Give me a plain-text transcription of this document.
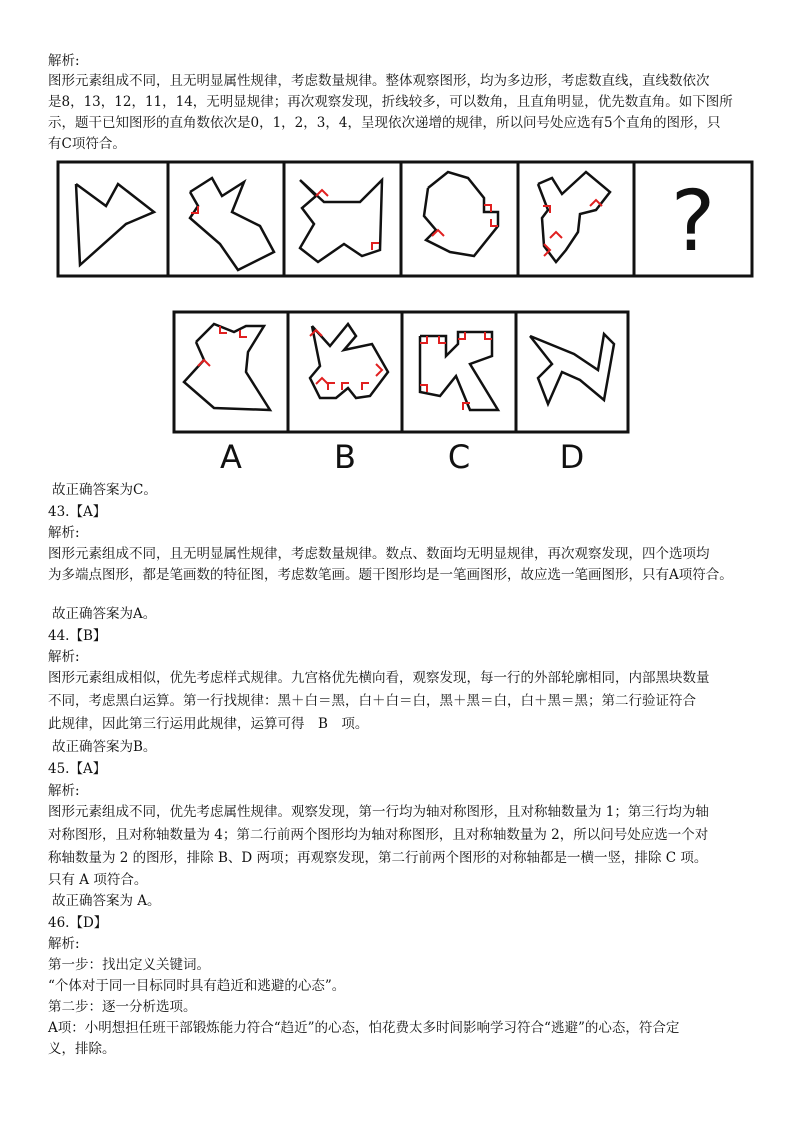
解析:
图形元素组成不同，且无明显属性规律，考虑数量规律。整体观察图形，均为多边形，考虑数直线，直线数依次
是8，13，12，11，14，无明显规律；再次观察发现，折线较多，可以数角，且直角明显，优先数直角。如下图所
示，题干已知图形的直角数依次是0，1，2，3，4，呈现依次递增的规律，所以问号处应选有5个直角的图形，只
有C项符合。
?
A	B	C	D
故正确答案为C。
43.【A】
解析:
图形元素组成不同，且无明显属性规律，考虑数量规律。数点、数面均无明显规律，再次观察发现，四个选项均
为多端点图形，都是笔画数的特征图，考虑数笔画。题干图形均是一笔画图形，故应选一笔画图形，只有A项符合。
故正确答案为A。
44.【B】
解析:
图形元素组成相似，优先考虑样式规律。九宫格优先横向看，观察发现，每一行的外部轮廓相同，内部黑块数量
不同，考虑黑白运算。第一行找规律：黑＋白＝黑，白＋白＝白，黑＋黑＝白，白＋黑＝黑；第二行验证符合
此规律，因此第三行运用此规律，运算可得　B　项。
故正确答案为B。
45.【A】
解析:
图形元素组成不同，优先考虑属性规律。观察发现，第一行均为轴对称图形，且对称轴数量为 1；第三行均为轴
对称图形，且对称轴数量为 4；第二行前两个图形均为轴对称图形，且对称轴数量为 2，所以问号处应选一个对
称轴数量为 2 的图形，排除 B、D 两项；再观察发现，第二行前两个图形的对称轴都是一横一竖，排除 C 项。
只有 A 项符合。
故正确答案为 A。
46.【D】
解析:
第一步：找出定义关键词。
“个体对于同一目标同时具有趋近和逃避的心态”。
第二步：逐一分析选项。
A项：小明想担任班干部锻炼能力符合“趋近”的心态，怕花费太多时间影响学习符合“逃避”的心态，符合定
义，排除。
